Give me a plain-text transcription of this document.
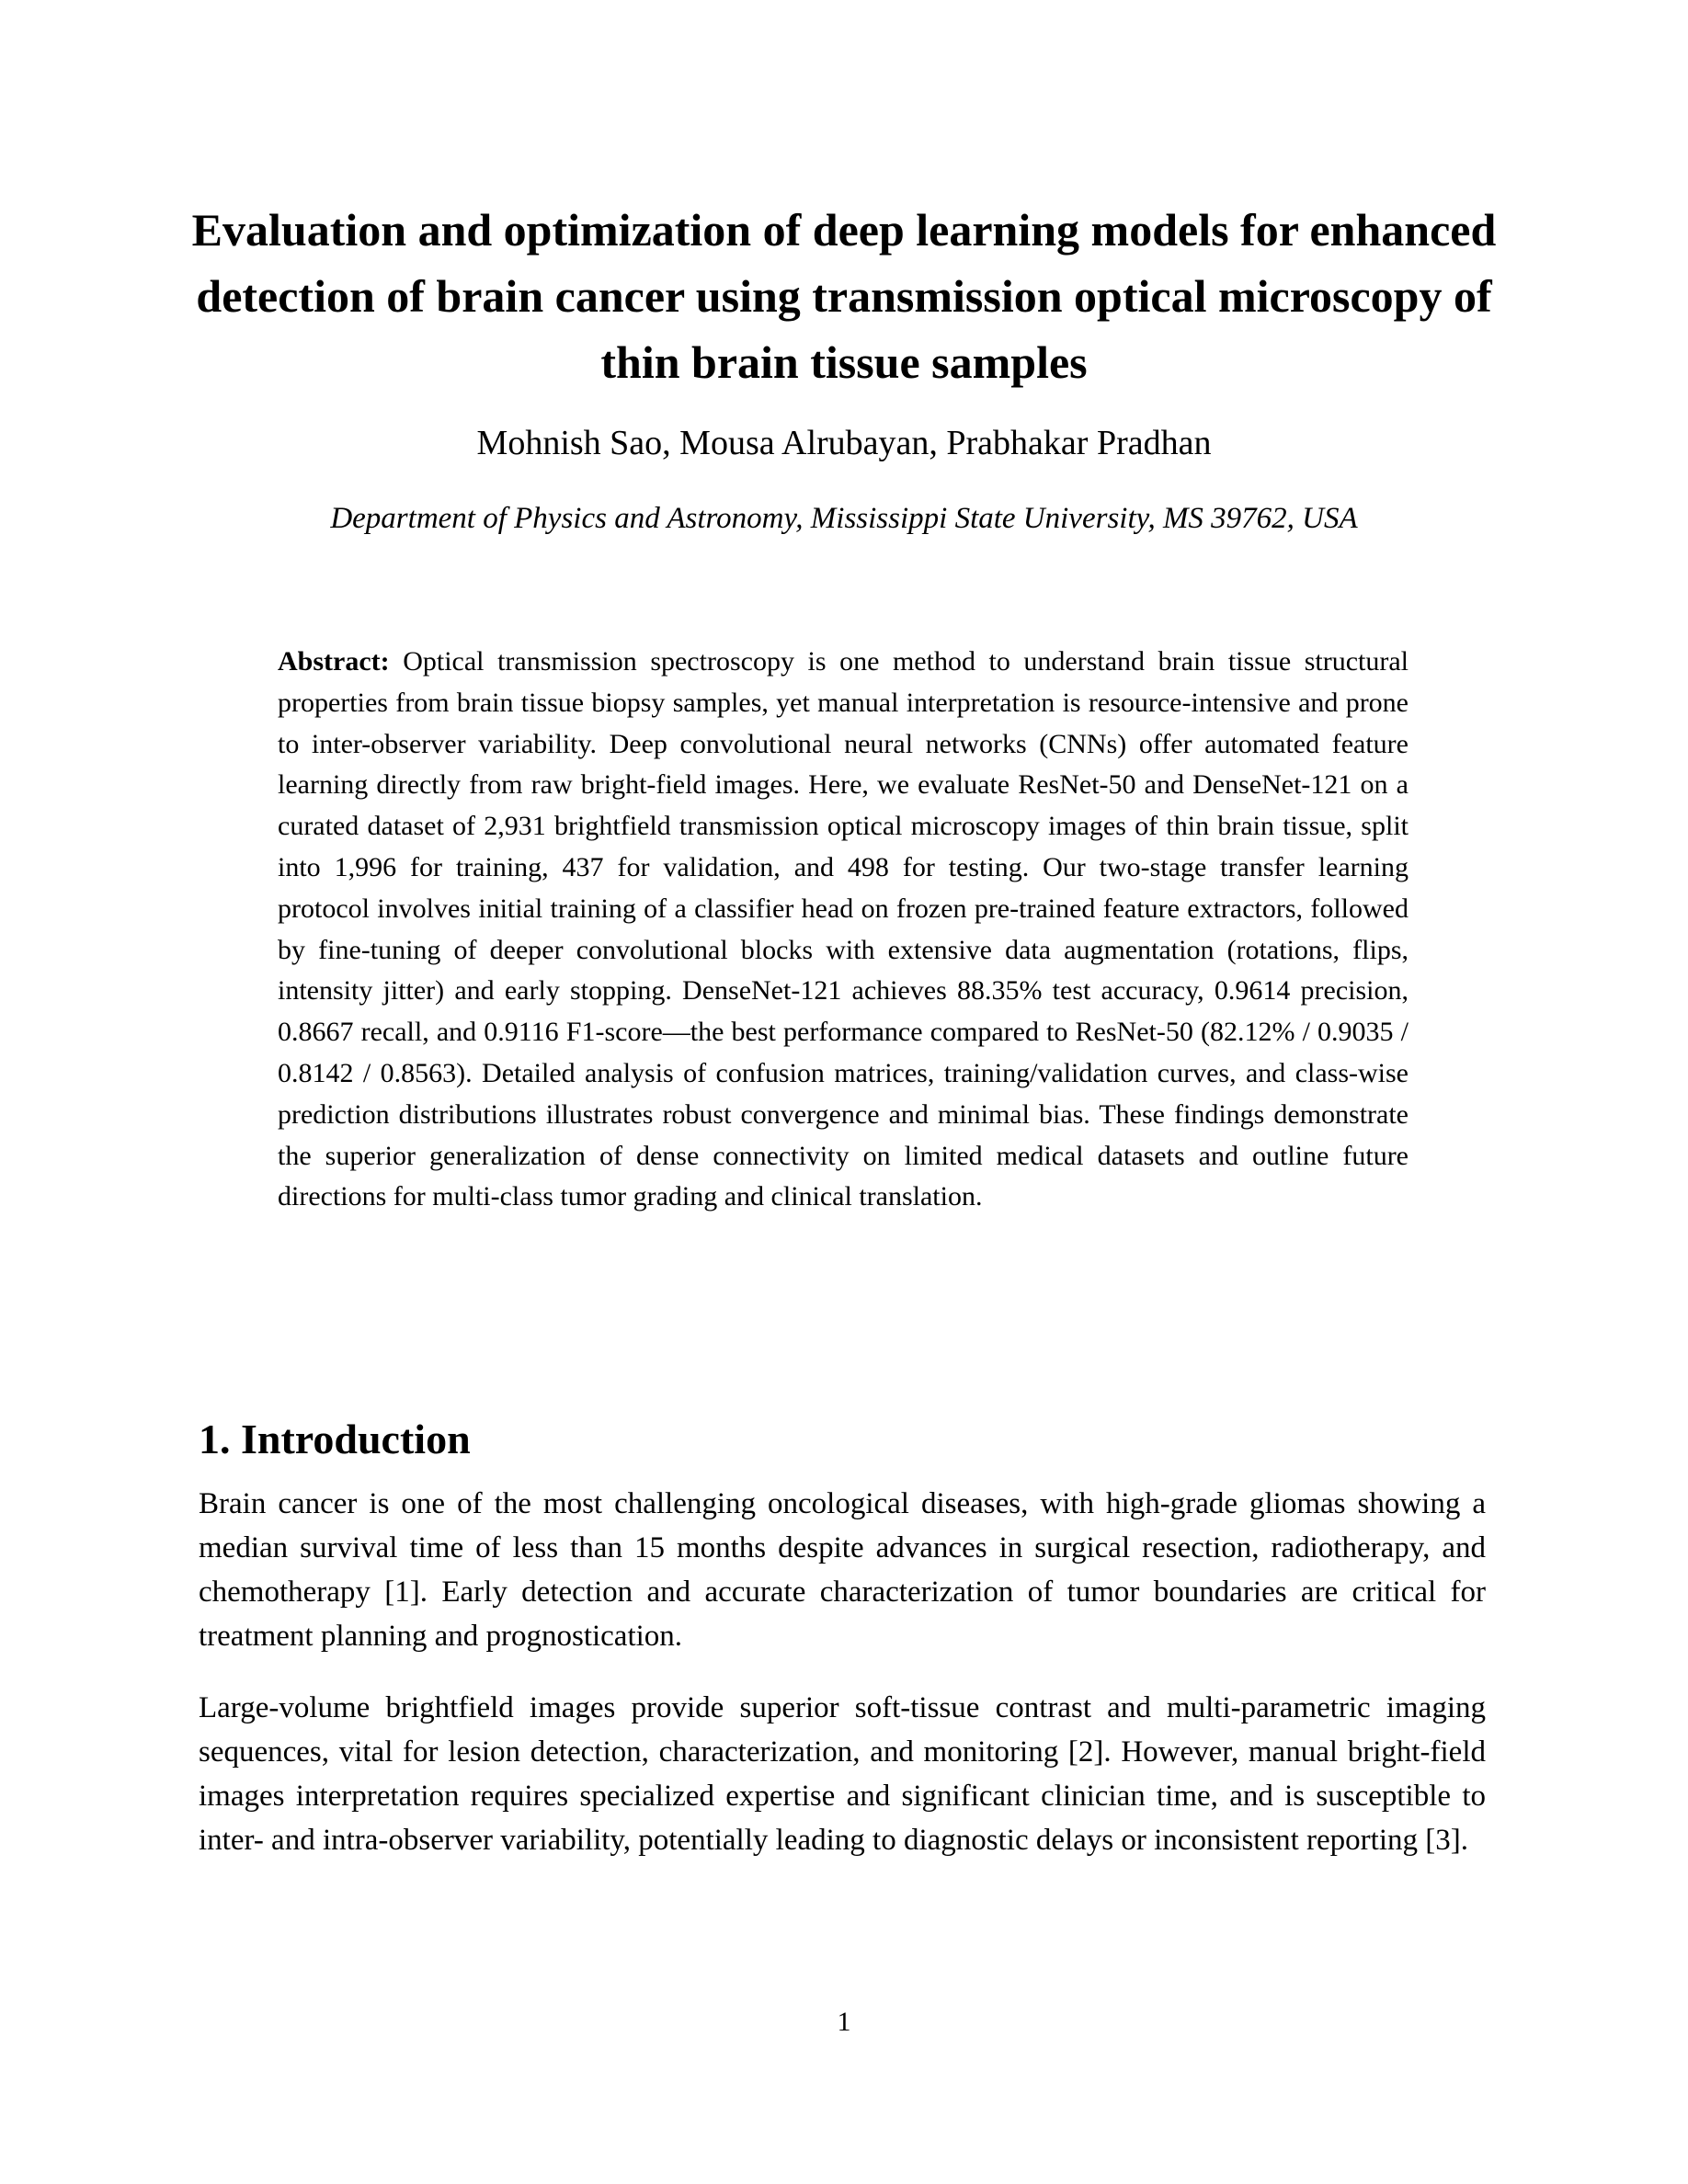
Evaluation and optimization of deep learning models for enhanced detection of brain cancer using transmission optical microscopy of thin brain tissue samples

Mohnish Sao, Mousa Alrubayan, Prabhakar Pradhan

Department of Physics and Astronomy, Mississippi State University, MS 39762, USA

Abstract: Optical transmission spectroscopy is one method to understand brain tissue structural properties from brain tissue biopsy samples, yet manual interpretation is resource-intensive and prone to inter-observer variability. Deep convolutional neural networks (CNNs) offer automated feature learning directly from raw bright-field images. Here, we evaluate ResNet-50 and DenseNet-121 on a curated dataset of 2,931 brightfield transmission optical microscopy images of thin brain tissue, split into 1,996 for training, 437 for validation, and 498 for testing. Our two-stage transfer learning protocol involves initial training of a classifier head on frozen pre-trained feature extractors, followed by fine-tuning of deeper convolutional blocks with extensive data augmentation (rotations, flips, intensity jitter) and early stopping. DenseNet-121 achieves 88.35% test accuracy, 0.9614 precision, 0.8667 recall, and 0.9116 F1-score—the best performance compared to ResNet-50 (82.12% / 0.9035 / 0.8142 / 0.8563). Detailed analysis of confusion matrices, training/validation curves, and class-wise prediction distributions illustrates robust convergence and minimal bias. These findings demonstrate the superior generalization of dense connectivity on limited medical datasets and outline future directions for multi-class tumor grading and clinical translation.

1. Introduction

Brain cancer is one of the most challenging oncological diseases, with high-grade gliomas showing a median survival time of less than 15 months despite advances in surgical resection, radiotherapy, and chemotherapy [1]. Early detection and accurate characterization of tumor boundaries are critical for treatment planning and prognostication.

Large-volume brightfield images provide superior soft-tissue contrast and multi-parametric imaging sequences, vital for lesion detection, characterization, and monitoring [2]. However, manual bright-field images interpretation requires specialized expertise and significant clinician time, and is susceptible to inter- and intra-observer variability, potentially leading to diagnostic delays or inconsistent reporting [3].

1
